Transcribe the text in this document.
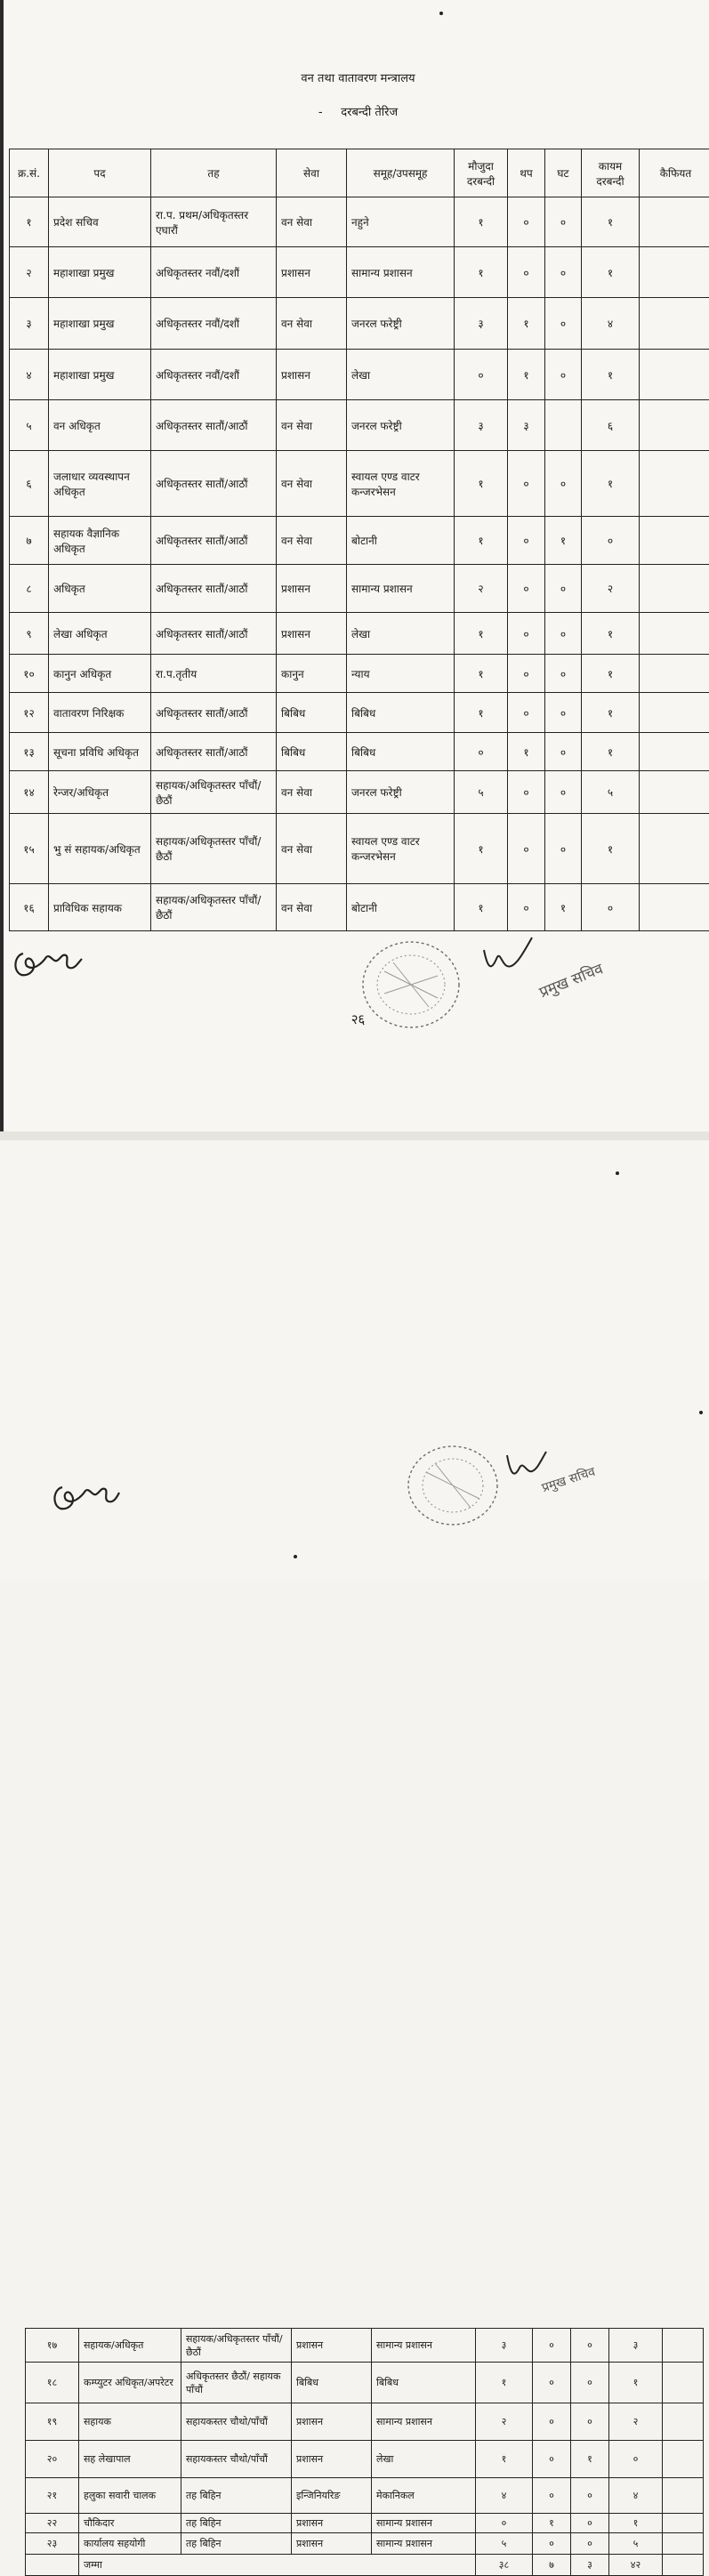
वन तथा वातावरण मन्त्रालय
- दरबन्दी तेरिज
क्र.सं.	पद	तह	सेवा	समूह/उपसमूह	मौजुदा दरबन्दी	थप	घट	कायम दरबन्दी	कैफियत
१	प्रदेश सचिव	रा.प. प्रथम/अधिकृतस्तर एघारौं	वन सेवा	नहुने	१	०	०	१	
२	महाशाखा प्रमुख	अधिकृतस्तर नवौं/दशौं	प्रशासन	सामान्य प्रशासन	१	०	०	१	
३	महाशाखा प्रमुख	अधिकृतस्तर नवौं/दशौं	वन सेवा	जनरल फरेष्ट्री	३	१	०	४	
४	महाशाखा प्रमुख	अधिकृतस्तर नवौं/दशौं	प्रशासन	लेखा	०	१	०	१	
५	वन अधिकृत	अधिकृतस्तर सातौं/आठौं	वन सेवा	जनरल फरेष्ट्री	३	३		६	
६	जलाधार व्यवस्थापन अधिकृत	अधिकृतस्तर सातौं/आठौं	वन सेवा	स्वायल एण्ड वाटर कन्जरभेसन	१	०	०	१	
७	सहायक वैज्ञानिक अधिकृत	अधिकृतस्तर सातौं/आठौं	वन सेवा	बोटानी	१	०	१	०	
८	अधिकृत	अधिकृतस्तर सातौं/आठौं	प्रशासन	सामान्य प्रशासन	२	०	०	२	
९	लेखा अधिकृत	अधिकृतस्तर सातौं/आठौं	प्रशासन	लेखा	१	०	०	१	
१०	कानुन अधिकृत	रा.प.तृतीय	कानुन	न्याय	१	०	०	१	
१२	वातावरण निरिक्षक	अधिकृतस्तर सातौं/आठौं	बिबिध	बिबिध	१	०	०	१	
१३	सूचना प्रविधि अधिकृत	अधिकृतस्तर सातौं/आठौं	बिबिध	बिबिध	०	१	०	१	
१४	रेन्जर/अधिकृत	सहायक/अधिकृतस्तर पाँचौं/छैठौं	वन सेवा	जनरल फरेष्ट्री	५	०	०	५	
१५	भु सं सहायक/अधिकृत	सहायक/अधिकृतस्तर पाँचौं/छैठौं	वन सेवा	स्वायल एण्ड वाटर कन्जरभेसन	१	०	०	१	
१६	प्राविधिक सहायक	सहायक/अधिकृतस्तर पाँचौं/छैठौं	वन सेवा	बोटानी	१	०	१	०	
२६
प्रमुख सचिव
१७	सहायक/अधिकृत	सहायक/अधिकृतस्तर पाँचौं/छैठौं	प्रशासन	सामान्य प्रशासन	३	०	०	३	
१८	कम्प्युटर अधिकृत/अपरेटर	अधिकृतस्तर छैठौं/ सहायक पाँचौं	बिबिध	बिबिध	१	०	०	१	
१९	सहायक	सहायकस्तर चौथो/पाँचौं	प्रशासन	सामान्य प्रशासन	२	०	०	२	
२०	सह लेखापाल	सहायकस्तर चौथो/पाँचौं	प्रशासन	लेखा	१	०	१	०	
२१	हलुका सवारी चालक	तह बिहिन	इन्जिनियरिङ	मेकानिकल	४	०	०	४	
२२	चौकिदार	तह बिहिन	प्रशासन	सामान्य प्रशासन	०	१	०	१	
२३	कार्यालय सहयोगी	तह बिहिन	प्रशासन	सामान्य प्रशासन	५	०	०	५	
	जम्मा				३८	७	३	४२	
प्रमुख सचिव
